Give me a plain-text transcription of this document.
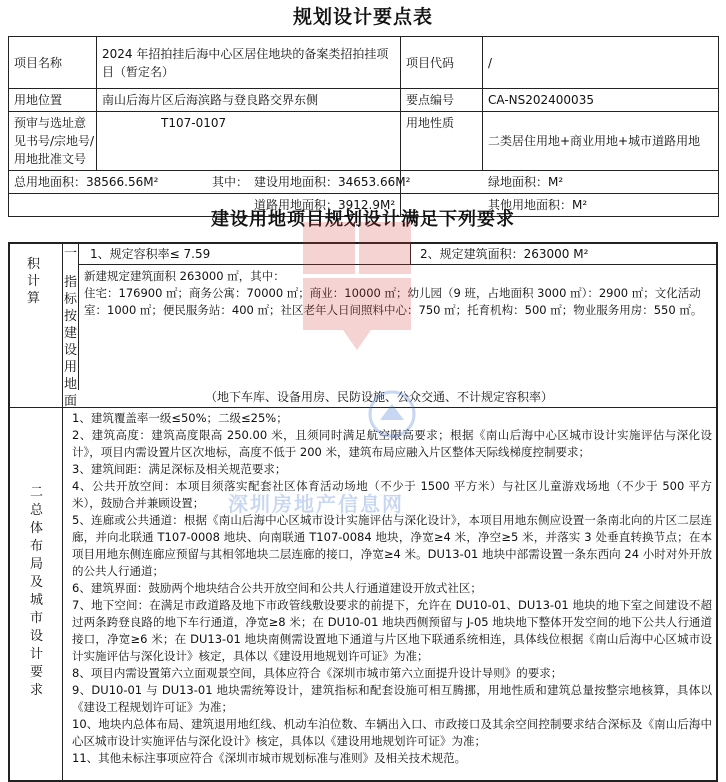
规划设计要点表
项目名称	2024 年招拍挂后海中心区居住地块的备案类招拍挂项目（暂定名）	项目代码	/
用地位置	南山后海片区后海滨路与登良路交界东侧	要点编号	CA-NS202400035
预审与选址意见书号/宗地号/用地批准文号	T107-0107	用地性质	二类居住用地+商业用地+城市道路用地

总用地面积：38566.56M² 其中： 建设用地面积：34653.66M²		绿地面积：M²	

道路用地面积：3912.9M²		其他用地面积：M²	
建设用地项目规划设计满足下列要求
积计算
一
指标按建设用地面
1、规定容积率≤ 7.59	2、规定建筑面积：263000 M²
新建规定建筑面积 263000 ㎡，其中：
住宅：176900 ㎡；商务公寓：70000 ㎡；商业：10000 ㎡；幼儿园（9 班，占地面积 3000 ㎡）：2900 ㎡；文化活动室：1000 ㎡；便民服务站：400 ㎡；社区老年人日间照料中心：750 ㎡；托育机构：500 ㎡；物业服务用房：550 ㎡。
（地下车库、设备用房、民防设施、公众交通、不计规定容积率）
二总体布局及城市设计要求

1、建筑覆盖率一级≤50%；二级≤25%；

2、建筑高度：建筑高度限高 250.00 米，且须同时满足航空限高要求；根据《南山后海中心区城市设计实施评估与深化设计》，项目内需设置片区次地标，高度不低于 200 米，建筑布局应融入片区整体天际线梯度控制要求；

3、建筑间距：满足深标及相关规范要求；

4、公共开放空间：本项目须落实配套社区体育活动场地（不少于 1500 平方米）与社区儿童游戏场地（不少于 500 平方米），鼓励合并兼顾设置；

5、连廊或公共通道：根据《南山后海中心区城市设计实施评估与深化设计》，本项目用地东侧应设置一条南北向的片区二层连廊，并向北联通 T107-0008 地块、向南联通 T107-0084 地块，净宽≥4 米，净空≥5 米，并落实 3 处垂直转换节点；在本项目用地东侧连廊应预留与其相邻地块二层连廊的接口，净宽≥4 米。DU13-01 地块中部需设置一条东西向 24 小时对外开放的公共人行通道；

6、建筑界面：鼓励两个地块结合公共开放空间和公共人行通道建设开放式社区；

7、地下空间：在满足市政道路及地下市政管线敷设要求的前提下，允许在 DU10-01、DU13-01 地块的地下室之间建设不超过两条跨登良路的地下车行通道，净宽≥8 米；在 DU10-01 地块西侧预留与 J-05 地块地下整体开发空间的地下公共人行通道接口，净宽≥6 米；在 DU13-01 地块南侧需设置地下通道与片区地下联通系统相连，具体线位根据《南山后海中心区城市设计实施评估与深化设计》核定，具体以《建设用地规划许可证》为准；

8、项目内需设置第六立面观景空间，具体应符合《深圳市城市第六立面提升设计导则》的要求；

9、DU10-01 与 DU13-01 地块需统筹设计，建筑指标和配套设施可相互腾挪，用地性质和建筑总量按整宗地核算，具体以《建设工程规划许可证》为准；

10、地块内总体布局、建筑退用地红线、机动车泊位数、车辆出入口、市政接口及其余空间控制要求结合深标及《南山后海中心区城市设计实施评估与深化设计》核定，具体以《建设用地规划许可证》为准；

11、其他未标注事项应符合《深圳市城市规划标准与准则》及相关技术规范。

深圳房地产信息网
